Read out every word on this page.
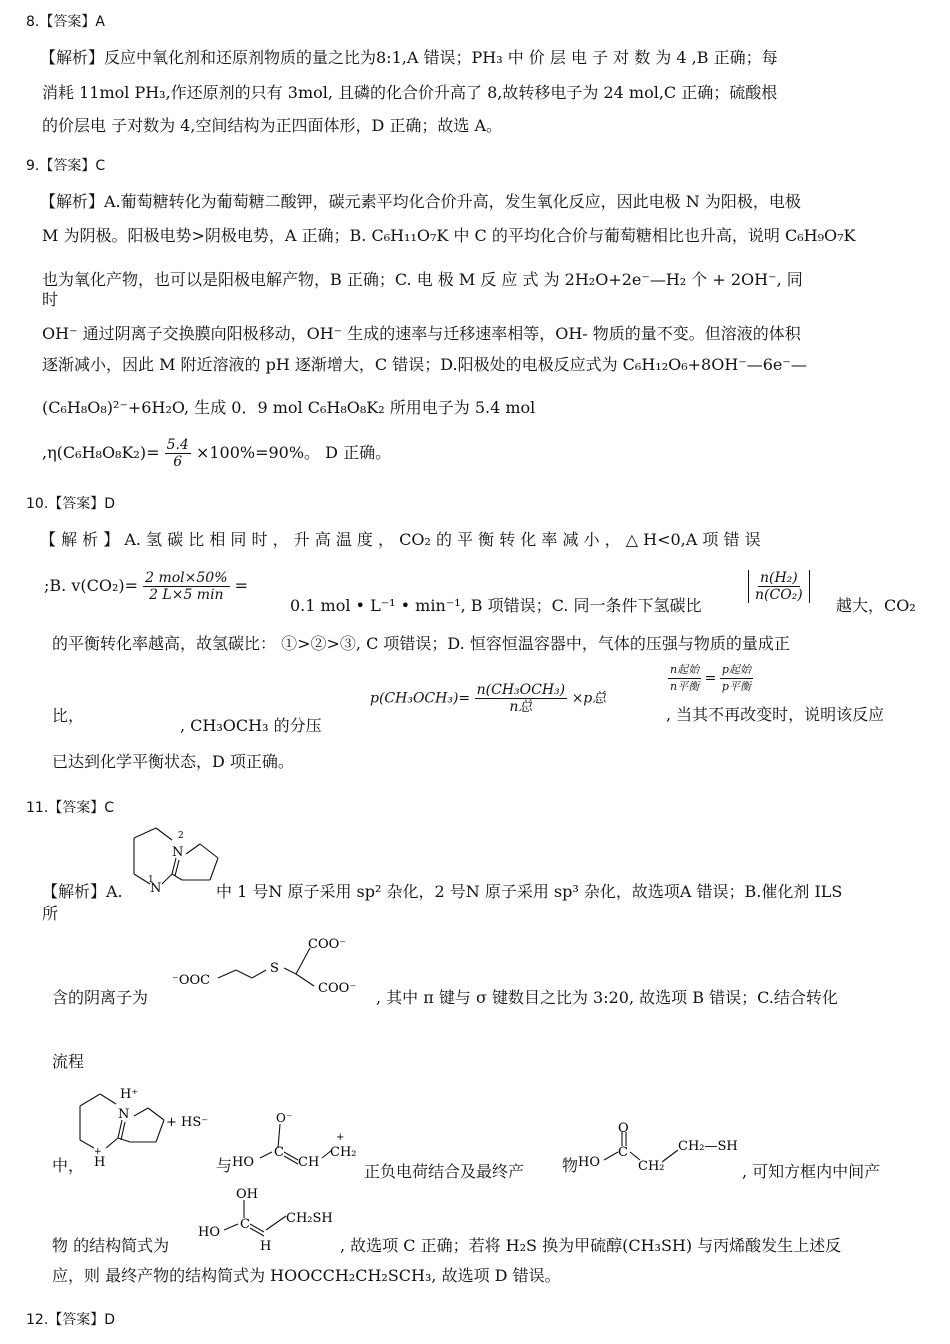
8.【答案】A
【解析】反应中氧化剂和还原剂物质的量之比为8:1,A 错误；PH₃ 中 价 层 电 子 对 数 为 4 ,B 正确；每
消耗 11mol PH₃,作还原剂的只有 3mol, 且磷的化合价升高了 8,故转移电子为 24 mol,C 正确；硫酸根
的价层电 子对数为 4,空间结构为正四面体形，D 正确；故选 A。
9.【答案】C
【解析】A.葡萄糖转化为葡萄糖二酸钾，碳元素平均化合价升高，发生氧化反应，因此电极 N 为阳极，电极
M 为阴极。阳极电势>阴极电势，A 正确；B. C₆H₁₁O₇K 中 C 的平均化合价与葡萄糖相比也升高，说明 C₆H₉O₇K
也为氧化产物，也可以是阳极电解产物，B 正确；C. 电 极 M 反 应 式 为 2H₂O+2e⁻—H₂ 个 + 2OH⁻, 同
时
OH⁻ 通过阴离子交换膜向阳极移动，OH⁻ 生成的速率与迁移速率相等，OH- 物质的量不变。但溶液的体积
逐渐减小，因此 M 附近溶液的 pH 逐渐增大，C 错误；D.阳极处的电极反应式为 C₆H₁₂O₆+8OH⁻—6e⁻—
(C₆H₈O₈)²⁻+6H₂O, 生成 0．9 mol C₆H₈O₈K₂ 所用电子为 5.4 mol
$,\eta(C_6H_8O_8K_2)= \frac{5.4}{6} \times 100\%=90\%$。 D 正确。
10.【答案】D
【 解 析 】 A. 氢 碳 比 相 同 时 ， 升 高 温 度 ， CO₂ 的 平 衡 转 化 率 减 小 ， △ H<0,A 项 错 误
;B. $v(CO_2)= \frac{\text{2 mol×50\%}}{2 L\times 5 \min}$ =
0.1 mol • L⁻¹ • min⁻¹, B 项错误；C. 同一条件下氢碳比
$\frac{\text{n(H₂)}}{\text{n(CO₂)}}$
越大，CO₂
的平衡转化率越高，故氢碳比： ①>②>③, C 项错误；D. 恒容恒温容器中，气体的压强与物质的量成正
比，
, CH₃OCH₃ 的分压
$p(CH_3OCH_3)= \frac{\text{n(CH₃OCH₃)}}{\text{n总}} \times p$总
$\frac{\text{n起始}}{\text{n平衡}} = \frac{\text{p起始}}{\text{p平衡}}$
, 当其不再改变时，说明该反应
已达到化学平衡状态，D 项正确。
11.【答案】C
N
N
1
2
【解析】A.	中 1 号N 原子采用 sp² 杂化，2 号N 原子采用 sp³ 杂化，故选项A 错误；B.催化剂 ILS
所
⁻OOC
S
COO⁻
COO⁻
含的阴离子为	, 其中 π 键与 σ 键数目之比为 3:20, 故选项 B 错误；C.结合转化
流程
N
H⁺
H
+
+ HS⁻
中，	与 HO
C
O⁻
CH
CH₂
+
正负电荷结合及最终产 物 HO
C
O
CH₂
CH₂—SH
, 可知方框内中间产
HO
C
OH
H
CH₂SH
物 的结构简式为	, 故选项 C 正确；若将 H₂S 换为甲硫醇(CH₃SH) 与丙烯酸发生上述反
应，则 最终产物的结构简式为 HOOCCH₂CH₂SCH₃, 故选项 D 错误。
12.【答案】D
